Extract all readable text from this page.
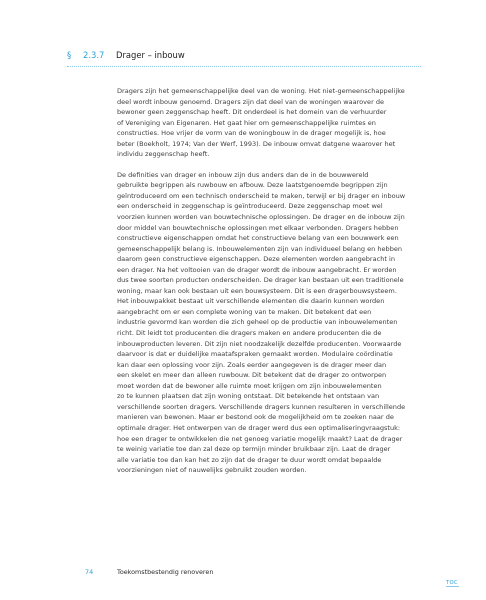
§ 2.3.7 Drager – inbouw
Dragers zijn het gemeenschappelijke deel van de woning. Het niet-gemeenschappelijke
deel wordt inbouw genoemd. Dragers zijn dat deel van de woningen waarover de
bewoner geen zeggenschap heeft. Dit onderdeel is het domein van de verhuurder
of Vereniging van Eigenaren. Het gaat hier om gemeenschappelijke ruimtes en
constructies. Hoe vrijer de vorm van de woningbouw in de drager mogelijk is, hoe
beter (Boekholt, 1974; Van der Werf, 1993). De inbouw omvat datgene waarover het
individu zeggenschap heeft.
De definities van drager en inbouw zijn dus anders dan de in de bouwwereld
gebruikte begrippen als ruwbouw en afbouw. Deze laatstgenoemde begrippen zijn
geïntroduceerd om een technisch onderscheid te maken, terwijl er bij drager en inbouw
een onderscheid in zeggenschap is geïntroduceerd. Deze zeggenschap moet wel
voorzien kunnen worden van bouwtechnische oplossingen. De drager en de inbouw zijn
door middel van bouwtechnische oplossingen met elkaar verbonden. Dragers hebben
constructieve eigenschappen omdat het constructieve belang van een bouwwerk een
gemeenschappelijk belang is. Inbouwelementen zijn van individueel belang en hebben
daarom geen constructieve eigenschappen. Deze elementen worden aangebracht in
een drager. Na het voltooien van de drager wordt de inbouw aangebracht. Er worden
dus twee soorten producten onderscheiden. De drager kan bestaan uit een traditionele
woning, maar kan ook bestaan uit een bouwsysteem. Dit is een dragerbouwsysteem.
Het inbouwpakket bestaat uit verschillende elementen die daarin kunnen worden
aangebracht om er een complete woning van te maken. Dit betekent dat een
industrie gevormd kan worden die zich geheel op de productie van inbouwelementen
richt. Dit leidt tot producenten die dragers maken en andere producenten die de
inbouwproducten leveren. Dit zijn niet noodzakelijk dezelfde producenten. Voorwaarde
daarvoor is dat er duidelijke maatafspraken gemaakt worden. Modulaire coördinatie
kan daar een oplossing voor zijn. Zoals eerder aangegeven is de drager meer dan
een skelet en meer dan alleen ruwbouw. Dit betekent dat de drager zo ontworpen
moet worden dat de bewoner alle ruimte moet krijgen om zijn inbouwelementen
zo te kunnen plaatsen dat zijn woning ontstaat. Dit betekende het ontstaan van
verschillende soorten dragers. Verschillende dragers kunnen resulteren in verschillende
manieren van bewonen. Maar er bestond ook de mogelijkheid om te zoeken naar de
optimale drager. Het ontwerpen van de drager werd dus een optimaliseringvraagstuk:
hoe een drager te ontwikkelen die net genoeg variatie mogelijk maakt? Laat de drager
te weinig variatie toe dan zal deze op termijn minder bruikbaar zijn. Laat de drager
alle variatie toe dan kan het zo zijn dat de drager te duur wordt omdat bepaalde
voorzieningen niet of nauwelijks gebruikt zouden worden.
74	Toekomstbestendig renoveren
TOC
